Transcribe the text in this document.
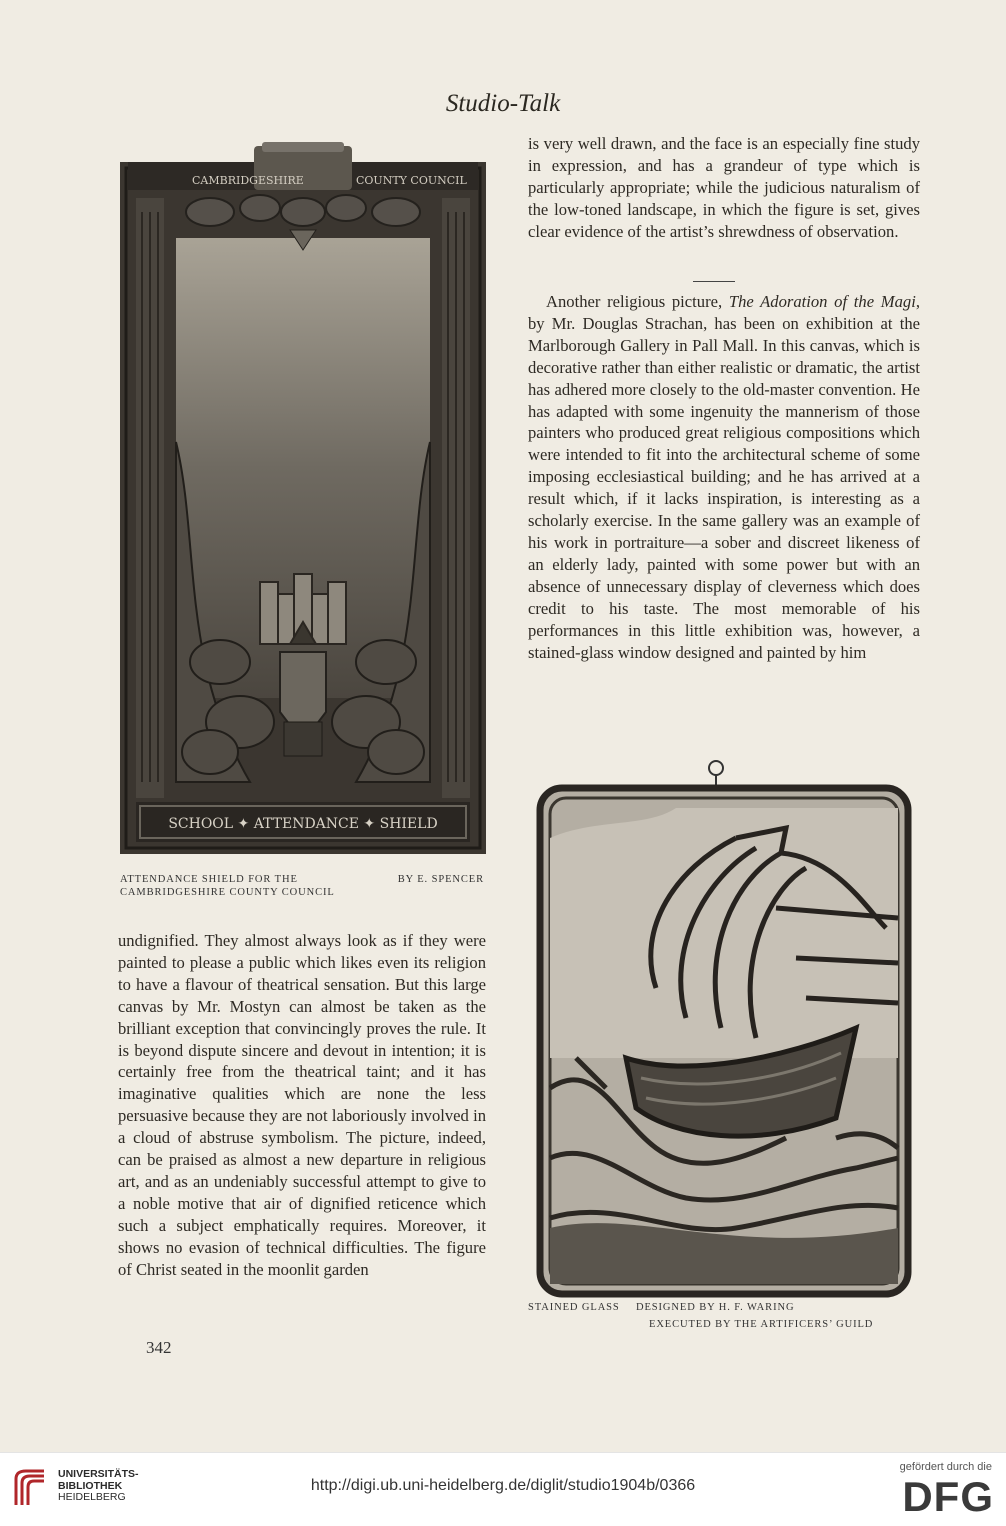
Studio-Talk
CAMBRIDGESHIRE	COUNTY COUNCIL
SCHOOL ✦ ATTENDANCE ✦ SHIELD
BY E. SPENCER
ATTENDANCE SHIELD FOR THE
CAMBRIDGESHIRE COUNTY COUNCIL

is very well drawn, and the face is an especially fine study in expression, and has a grandeur of type which is particularly appropriate; while the judicious naturalism of the low-toned landscape, in which the figure is set, gives clear evidence of the artist’s shrewdness of observation.

Another religious picture, The Adoration of the Magi, by Mr. Douglas Strachan, has been on exhibition at the Marlborough Gallery in Pall Mall. In this canvas, which is decorative rather than either realistic or dramatic, the artist has adhered more closely to the old-master convention. He has adapted with some ingenuity the mannerism of those painters who produced great religious compositions which were intended to fit into the architectural scheme of some imposing ecclesiastical building; and he has arrived at a result which, if it lacks inspiration, is interesting as a scholarly exercise. In the same gallery was an example of his work in portraiture—a sober and discreet likeness of an elderly lady, painted with some power but with an absence of unnecessary display of cleverness which does credit to his taste. The most memorable of his performances in this little exhibition was, however, a stained-glass window designed and painted by him

STAINED GLASS DESIGNED BY H. F. WARING
EXECUTED BY THE ARTIFICERS’ GUILD

undignified. They almost always look as if they were painted to please a public which likes even its religion to have a flavour of theatrical sensation. But this large canvas by Mr. Mostyn can almost be taken as the brilliant exception that convincingly proves the rule. It is beyond dispute sincere and devout in intention; it is certainly free from the theatrical taint; and it has imaginative qualities which are none the less persuasive because they are not laboriously involved in a cloud of abstruse symbolism. The picture, indeed, can be praised as almost a new departure in religious art, and as an undeniably successful attempt to give to a noble motive that air of dignified reticence which such a subject emphatically requires. Moreover, it shows no evasion of technical difficulties. The figure of Christ seated in the moonlit garden

342
UNIVERSITÄTS-
BIBLIOTHEK
HEIDELBERG
http://digi.ub.uni-heidelberg.de/diglit/studio1904b/0366
gefördert durch die
DFG
